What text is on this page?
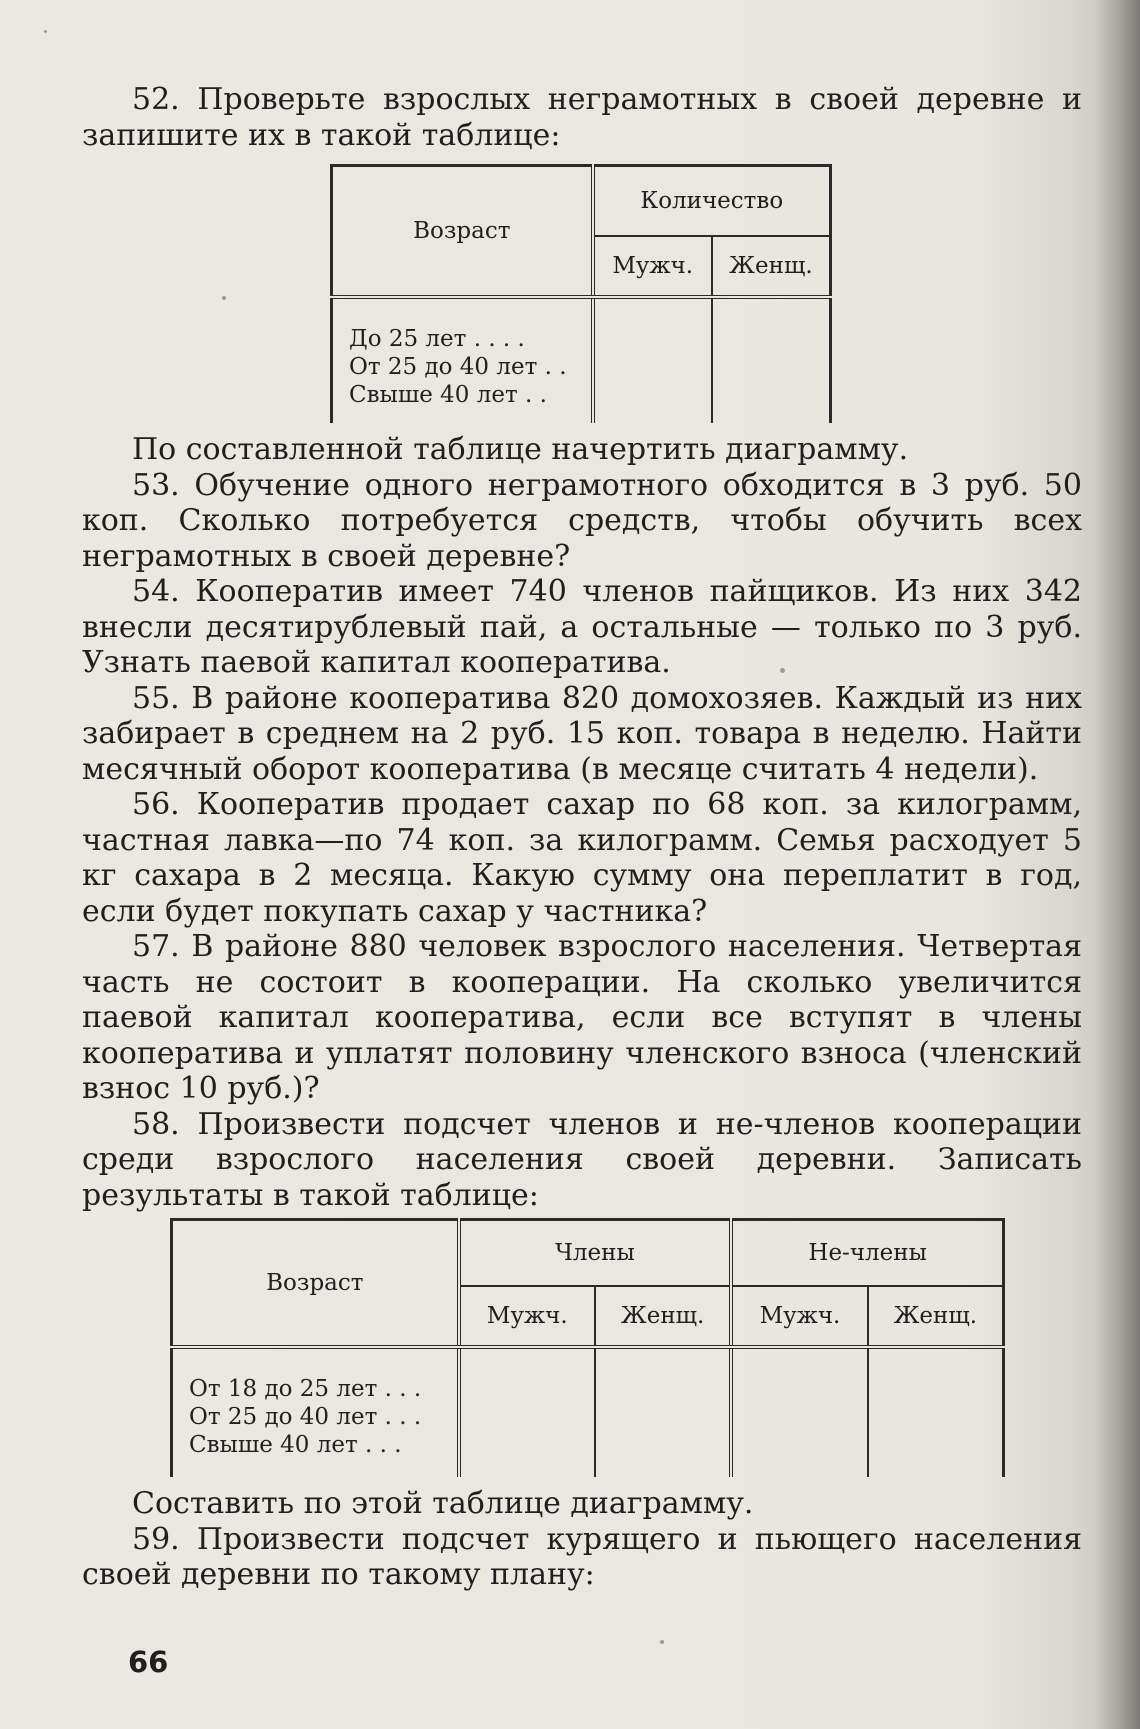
52. Проверьте взрослых неграмотных в своей деревне и запишите их в такой таблице:

Возраст	Количество	
	Мужч.	Женщ.

До 25 лет . . . .
От 25 до 40 лет . .
Свыше 40 лет . .		

По составленной таблице начертить диаграмму.

53. Обучение одного неграмотного обходится в 3 руб. 50 коп. Сколько потребуется средств, чтобы обучить всех неграмотных в своей деревне?

54. Кооператив имеет 740 членов пайщиков. Из них 342 внесли десятирублевый пай, а остальные — только по 3 руб. Узнать паевой капитал кооператива.

55. В районе кооператива 820 домохозяев. Каждый из них забирает в среднем на 2 руб. 15 коп. товара в неделю. Найти месячный оборот кооператива (в месяце считать 4 недели).

56. Кооператив продает сахар по 68 коп. за килограмм, частная лавка—по 74 коп. за килограмм. Семья расходует 5 кг сахара в 2 месяца. Какую сумму она переплатит в год, если будет покупать сахар у частника?

57. В районе 880 человек взрослого населения. Четвертая часть не состоит в кооперации. На сколько увеличится паевой капитал кооператива, если все вступят в члены кооператива и уплатят половину членского взноса (членский взнос 10 руб.)?

58. Произвести подсчет членов и не-членов кооперации среди взрослого населения своей деревни. Записать результаты в такой таблице:

Возраст	Члены		Не-члены	
	Мужч.	Женщ.	Мужч.	Женщ.

От 18 до 25 лет . . .
От 25 до 40 лет . . .
Свыше 40 лет . . .				

Составить по этой таблице диаграмму.

59. Произвести подсчет курящего и пьющего населения своей деревни по такому плану:

66
